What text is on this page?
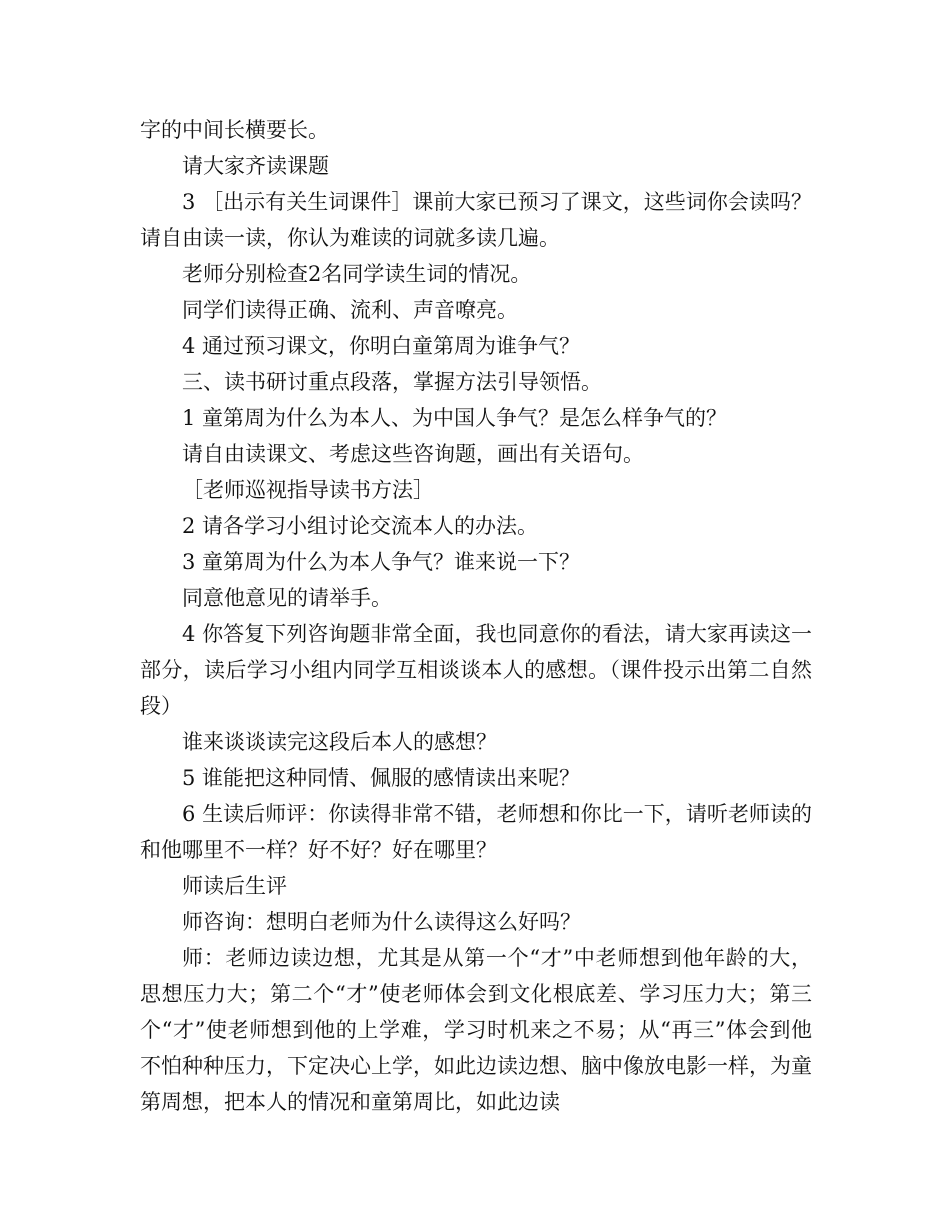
字的中间长横要长。

请大家齐读课题

3 ［出示有关生词课件］课前大家已预习了课文，这些词你会读吗？请自由读一读，你认为难读的词就多读几遍。

老师分别检查2名同学读生词的情况。

同学们读得正确、流利、声音嘹亮。

4 通过预习课文，你明白童第周为谁争气？

三、读书研讨重点段落，掌握方法引导领悟。

1 童第周为什么为本人、为中国人争气？是怎么样争气的？

请自由读课文、考虑这些咨询题，画出有关语句。

［老师巡视指导读书方法］

2 请各学习小组讨论交流本人的办法。

3 童第周为什么为本人争气？谁来说一下？

同意他意见的请举手。

4 你答复下列咨询题非常全面，我也同意你的看法，请大家再读这一部分，读后学习小组内同学互相谈谈本人的感想。（课件投示出第二自然段）

谁来谈谈读完这段后本人的感想？

5 谁能把这种同情、佩服的感情读出来呢？

6 生读后师评：你读得非常不错，老师想和你比一下，请听老师读的和他哪里不一样？好不好？好在哪里？

师读后生评

师咨询：想明白老师为什么读得这么好吗？

师：老师边读边想，尤其是从第一个“才”中老师想到他年龄的大，思想压力大；第二个“才”使老师体会到文化根底差、学习压力大；第三个“才”使老师想到他的上学难，学习时机来之不易；从“再三”体会到他不怕种种压力，下定决心上学，如此边读边想、脑中像放电影一样，为童第周想，把本人的情况和童第周比，如此边读
